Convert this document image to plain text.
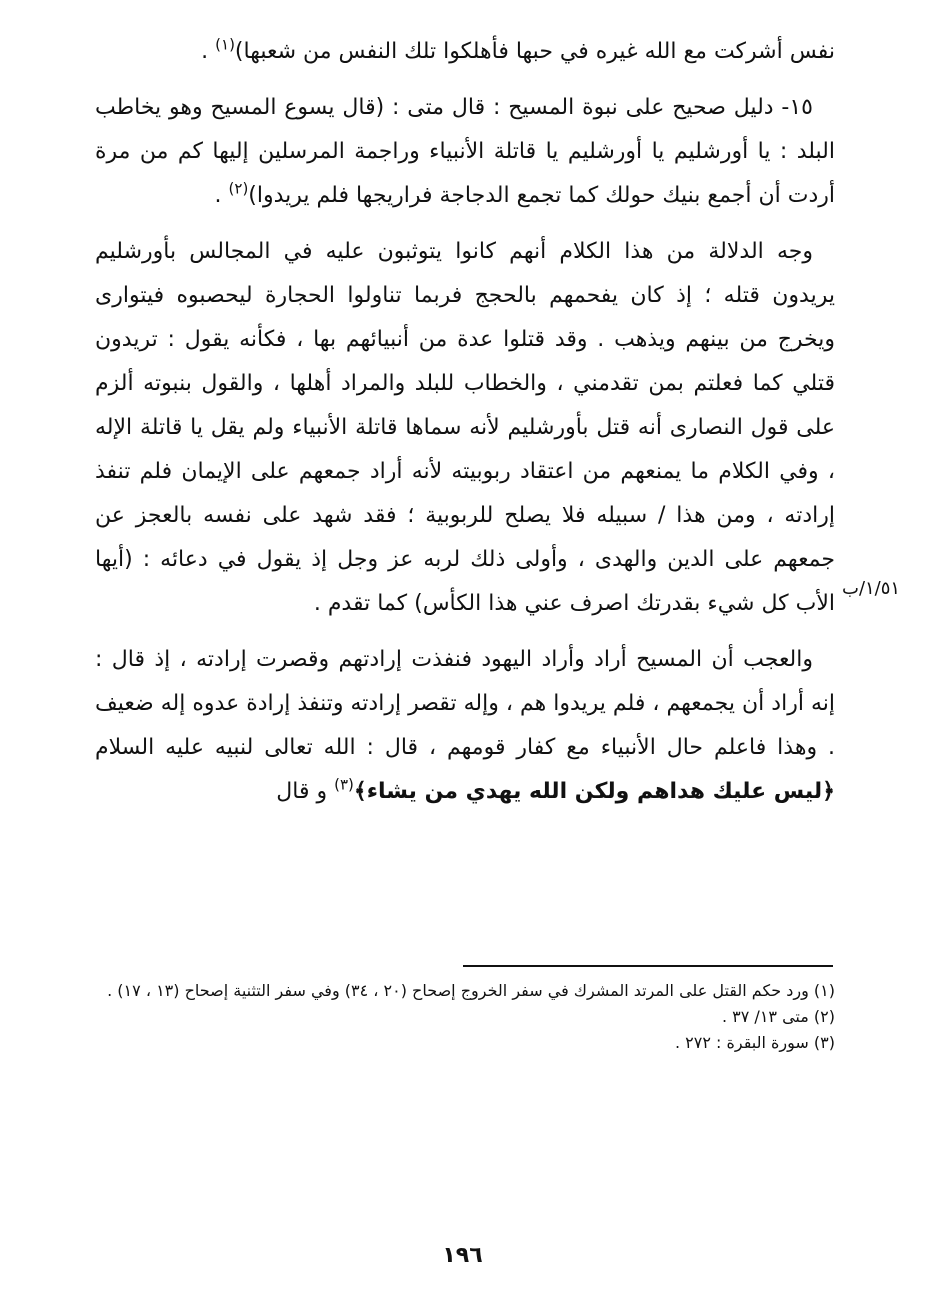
نفس أشركت مع الله غيره في حبها فأهلكوا تلك النفس من شعبها)$^{(١)}$ .

١٥- دليل صحيح على نبوة المسيح : قال متى : (قال يسوع المسيح وهو يخاطب البلد : يا أورشليم يا أورشليم يا قاتلة الأنبياء وراجمة المرسلين إليها كم من مرة أردت أن أجمع بنيك حولك كما تجمع الدجاجة فراريجها فلم يريدوا)$^{(٢)}$ .

وجه الدلالة من هذا الكلام أنهم كانوا يتوثبون عليه في المجالس بأورشليم يريدون قتله ؛ إذ كان يفحمهم بالحجج فربما تناولوا الحجارة ليحصبوه فيتوارى ويخرج من بينهم ويذهب . وقد قتلوا عدة من أنبيائهم بها ، فكأنه يقول : تريدون قتلي كما فعلتم بمن تقدمني ، والخطاب للبلد والمراد أهلها ، والقول بنبوته ألزم على قول النصارى أنه قتل بأورشليم لأنه سماها قاتلة الأنبياء ولم يقل يا قاتلة الإله ، وفي الكلام ما يمنعهم من اعتقاد ربوبيته لأنه أراد جمعهم على الإيمان فلم تنفذ إرادته ، ومن هذا / سبيله فلا يصلح للربوبية ؛ فقد شهد على نفسه بالعجز عن جمعهم على الدين والهدى ، وأولى ذلك لربه عز وجل إذ يقول في دعائه : (أيها الأب كل شيء بقدرتك اصرف عني هذا الكأس) كما تقدم .

والعجب أن المسيح أراد وأراد اليهود فنفذت إرادتهم وقصرت إرادته ، إذ قال : إنه أراد أن يجمعهم ، فلم يريدوا هم ، وإله تقصر إرادته وتنفذ إرادة عدوه إله ضعيف . وهذا فاعلم حال الأنبياء مع كفار قومهم ، قال : الله تعالى لنبيه عليه السلام ﴿ليس عليك هداهم ولكن الله يهدي من يشاء﴾$^{(٣)}$ و قال

١/٥١/ب
(١) ورد حكم القتل على المرتد المشرك في سفر الخروج إصحاح (٢٠ ، ٣٤) وفي سفر التثنية إصحاح (١٣ ، ١٧) .
(٢) متى ١٣/ ٣٧ .
(٣) سورة البقرة : ٢٧٢ .
١٩٦
